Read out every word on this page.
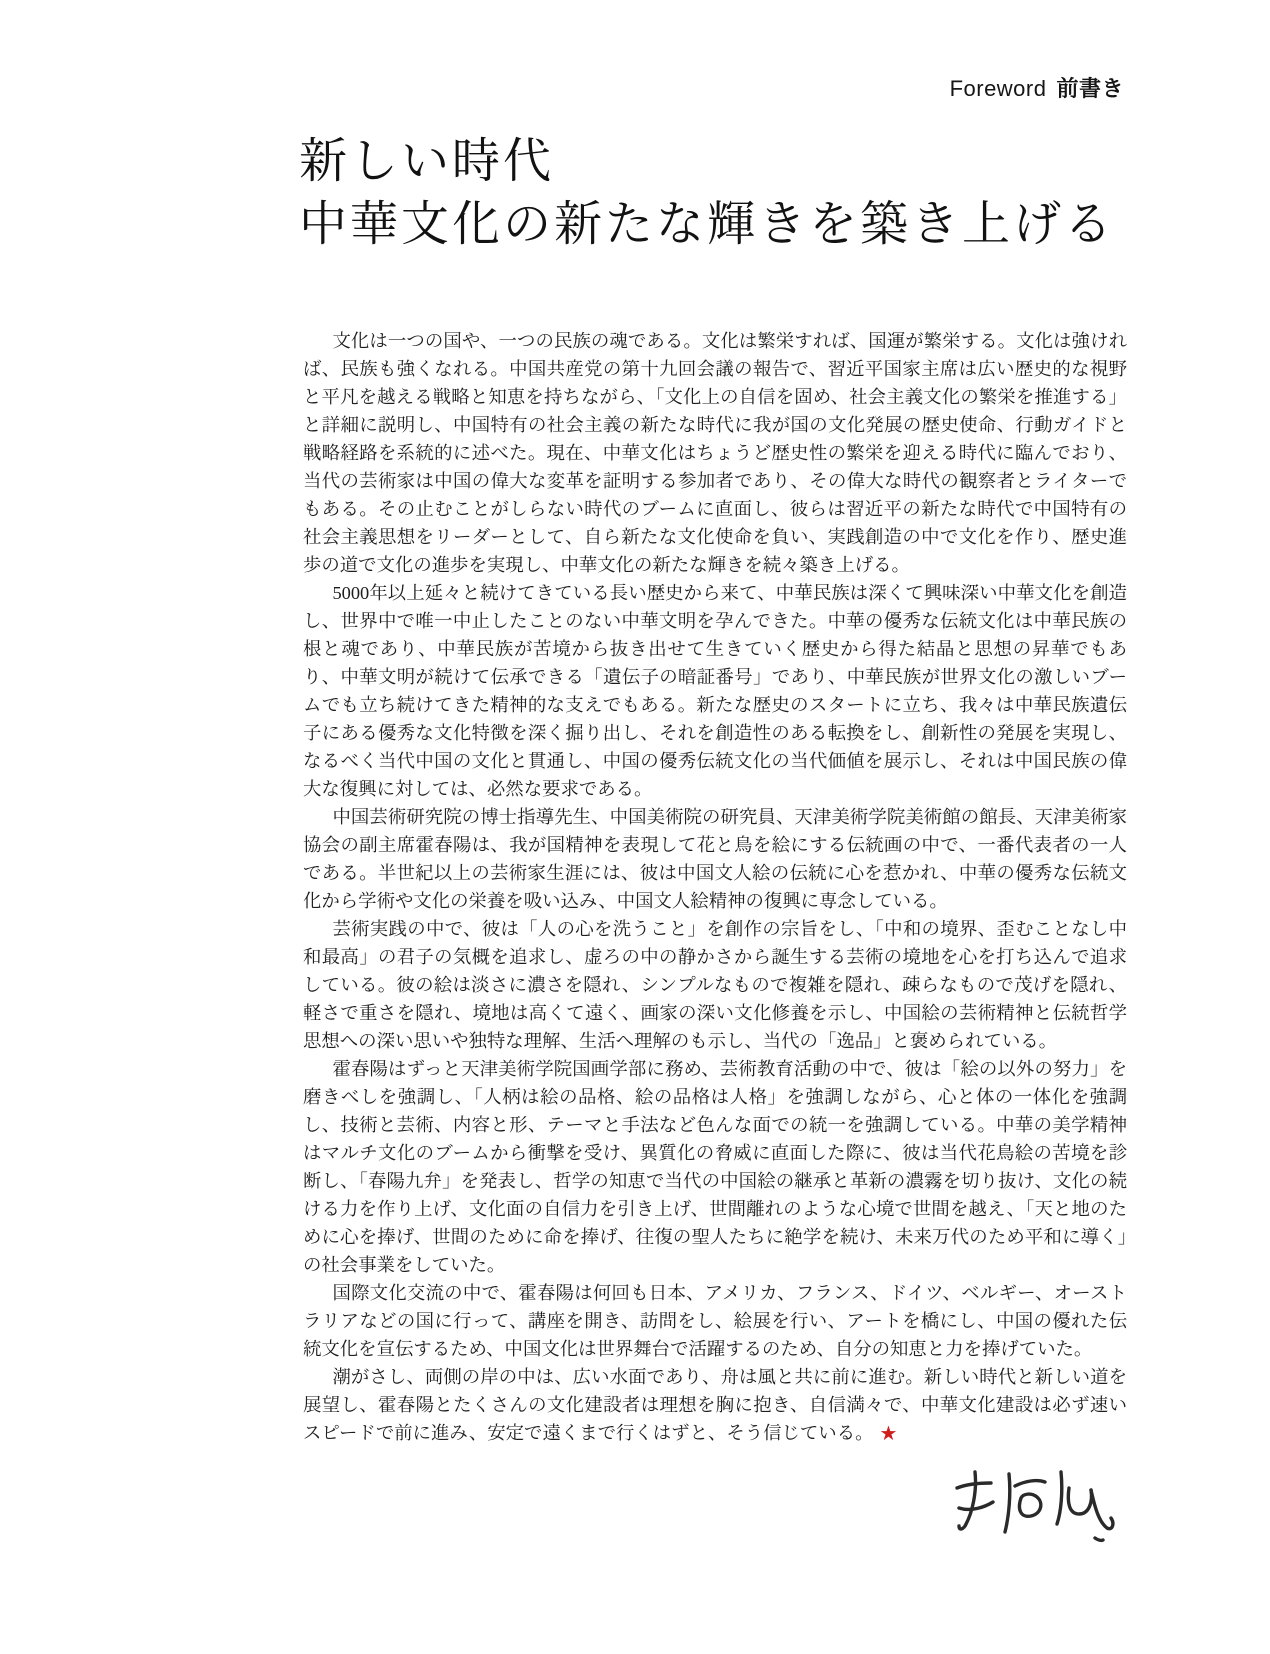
Foreword 前書き
新しい時代
中華文化の新たな輝きを築き上げる

文化は一つの国や、一つの民族の魂である。文化は繁栄すれば、国運が繁栄する。文化は強ければ、民族も強くなれる。中国共産党の第十九回会議の報告で、習近平国家主席は広い歴史的な視野と平凡を越える戦略と知恵を持ちながら、「文化上の自信を固め、社会主義文化の繁栄を推進する」と詳細に説明し、中国特有の社会主義の新たな時代に我が国の文化発展の歴史使命、行動ガイドと戦略経路を系統的に述べた。現在、中華文化はちょうど歴史性の繁栄を迎える時代に臨んでおり、当代の芸術家は中国の偉大な変革を証明する参加者であり、その偉大な時代の観察者とライターでもある。その止むことがしらない時代のブームに直面し、彼らは習近平の新たな時代で中国特有の社会主義思想をリーダーとして、自ら新たな文化使命を負い、実践創造の中で文化を作り、歴史進歩の道で文化の進歩を実現し、中華文化の新たな輝きを続々築き上げる。

5000年以上延々と続けてきている長い歴史から来て、中華民族は深くて興味深い中華文化を創造し、世界中で唯一中止したことのない中華文明を孕んできた。中華の優秀な伝統文化は中華民族の根と魂であり、中華民族が苦境から抜き出せて生きていく歴史から得た結晶と思想の昇華でもあり、中華文明が続けて伝承できる「遺伝子の暗証番号」であり、中華民族が世界文化の激しいブームでも立ち続けてきた精神的な支えでもある。新たな歴史のスタートに立ち、我々は中華民族遺伝子にある優秀な文化特徴を深く掘り出し、それを創造性のある転換をし、創新性の発展を実現し、なるべく当代中国の文化と貫通し、中国の優秀伝統文化の当代価値を展示し、それは中国民族の偉大な復興に対しては、必然な要求である。

中国芸術研究院の博士指導先生、中国美術院の研究員、天津美術学院美術館の館長、天津美術家協会の副主席霍春陽は、我が国精神を表現して花と鳥を絵にする伝統画の中で、一番代表者の一人である。半世紀以上の芸術家生涯には、彼は中国文人絵の伝統に心を惹かれ、中華の優秀な伝統文化から学術や文化の栄養を吸い込み、中国文人絵精神の復興に専念している。

芸術実践の中で、彼は「人の心を洗うこと」を創作の宗旨をし、「中和の境界、歪むことなし中和最高」の君子の気概を追求し、虚ろの中の静かさから誕生する芸術の境地を心を打ち込んで追求している。彼の絵は淡さに濃さを隠れ、シンプルなもので複雑を隠れ、疎らなもので茂げを隠れ、軽さで重さを隠れ、境地は高くて遠く、画家の深い文化修養を示し、中国絵の芸術精神と伝統哲学思想への深い思いや独特な理解、生活へ理解のも示し、当代の「逸品」と褒められている。

霍春陽はずっと天津美術学院国画学部に務め、芸術教育活動の中で、彼は「絵の以外の努力」を磨きべしを強調し、「人柄は絵の品格、絵の品格は人格」を強調しながら、心と体の一体化を強調し、技術と芸術、内容と形、テーマと手法など色んな面での統一を強調している。中華の美学精神はマルチ文化のブームから衝撃を受け、異質化の脅威に直面した際に、彼は当代花鳥絵の苦境を診断し、「春陽九弁」を発表し、哲学の知恵で当代の中国絵の継承と革新の濃霧を切り抜け、文化の続ける力を作り上げ、文化面の自信力を引き上げ、世間離れのような心境で世間を越え、「天と地のために心を捧げ、世間のために命を捧げ、往復の聖人たちに絶学を続け、未来万代のため平和に導く」の社会事業をしていた。

国際文化交流の中で、霍春陽は何回も日本、アメリカ、フランス、ドイツ、ベルギー、オーストラリアなどの国に行って、講座を開き、訪問をし、絵展を行い、アートを橋にし、中国の優れた伝統文化を宣伝するため、中国文化は世界舞台で活躍するのため、自分の知恵と力を捧げていた。

潮がさし、両側の岸の中は、広い水面であり、舟は風と共に前に進む。新しい時代と新しい道を展望し、霍春陽とたくさんの文化建設者は理想を胸に抱き、自信満々で、中華文化建設は必ず速いスピードで前に進み、安定で遠くまで行くはずと、そう信じている。 ★
